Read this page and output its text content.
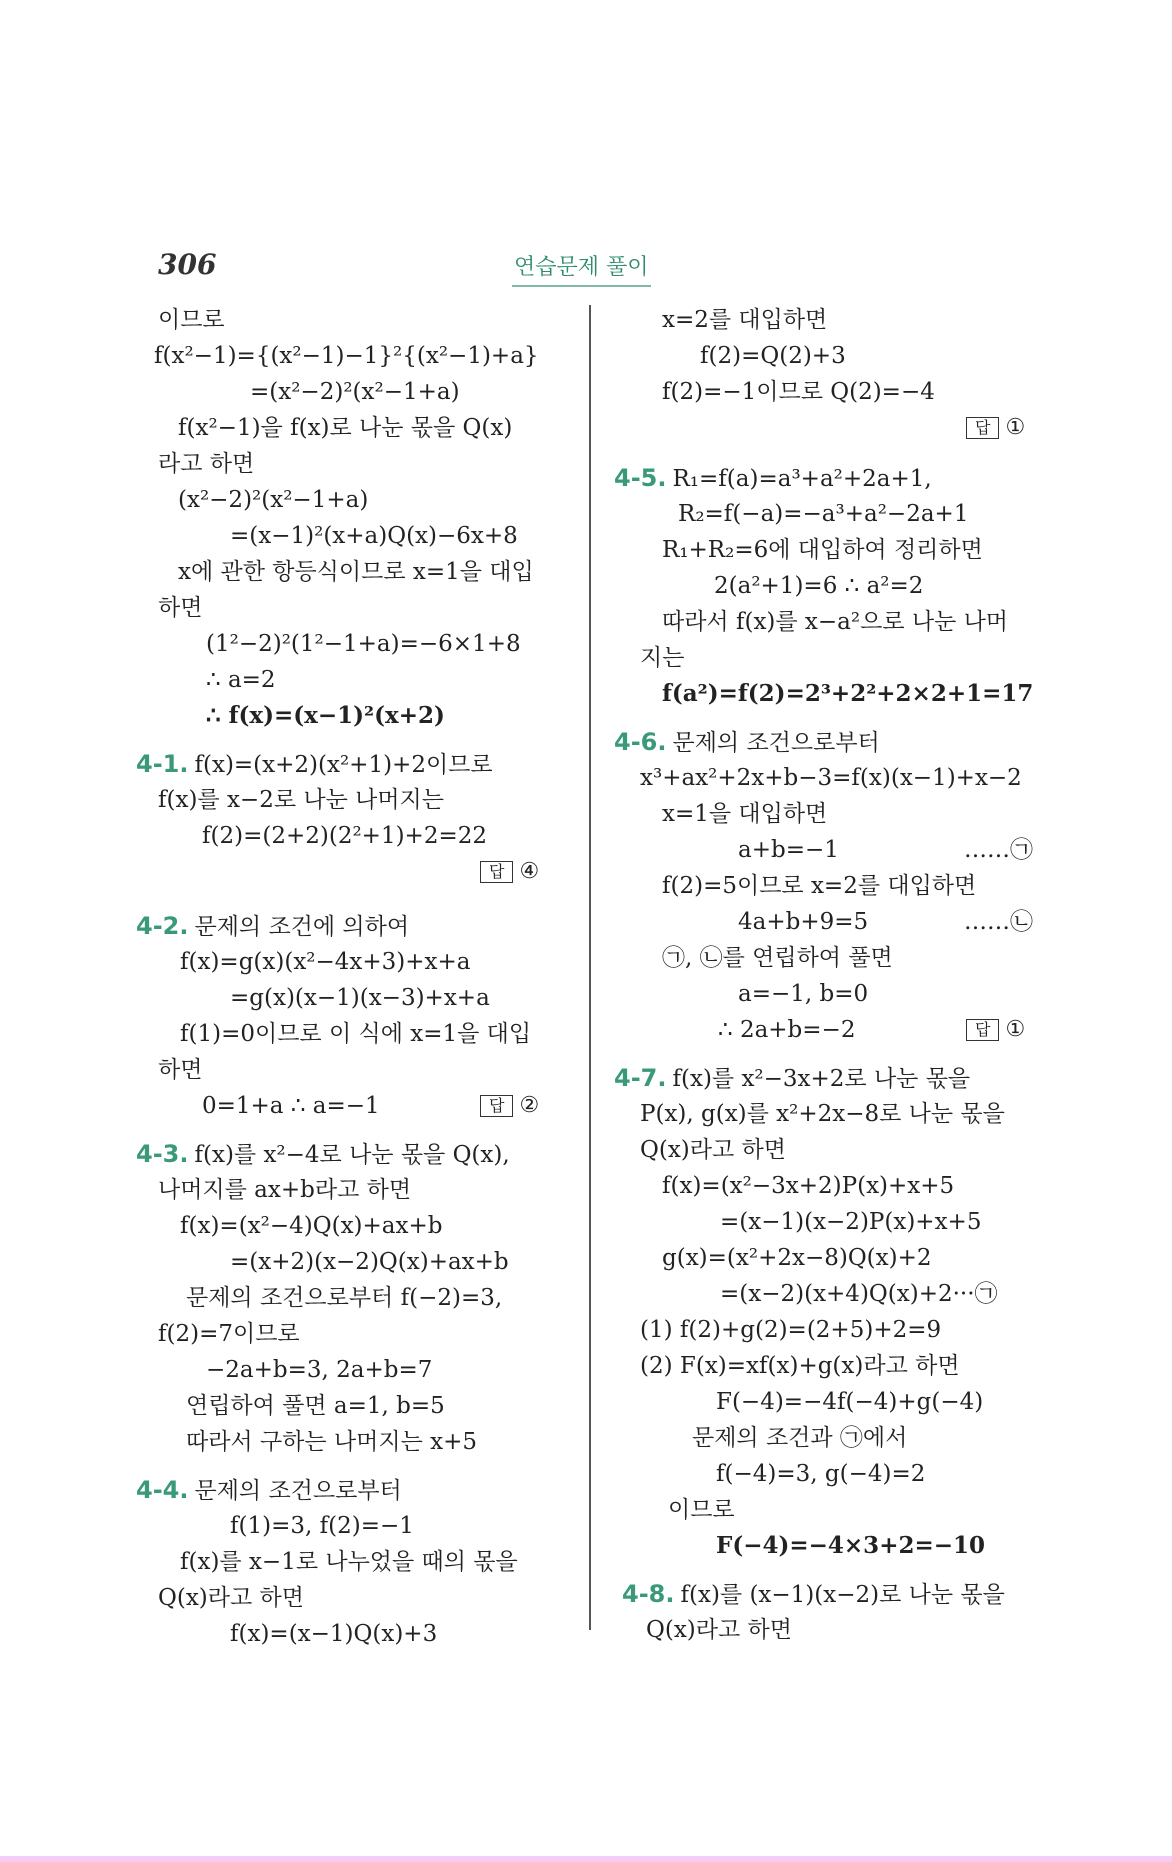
306	연습문제 풀이
이므로
f(x²−1)={(x²−1)−1}²{(x²−1)+a}
=(x²−2)²(x²−1+a)
f(x²−1)을 f(x)로 나눈 몫을 Q(x)
라고 하면
(x²−2)²(x²−1+a)
=(x−1)²(x+a)Q(x)−6x+8
x에 관한 항등식이므로 x=1을 대입
하면
(1²−2)²(1²−1+a)=−6×1+8
∴ a=2
∴ f(x)=(x−1)²(x+2)
4-1. f(x)=(x+2)(x²+1)+2이므로
f(x)를 x−2로 나눈 나머지는
f(2)=(2+2)(2²+1)+2=22
답 ④
4-2. 문제의 조건에 의하여
f(x)=g(x)(x²−4x+3)+x+a
=g(x)(x−1)(x−3)+x+a
f(1)=0이므로 이 식에 x=1을 대입
하면
0=1+a ∴ a=−1	답 ②
4-3. f(x)를 x²−4로 나눈 몫을 Q(x),
나머지를 ax+b라고 하면
f(x)=(x²−4)Q(x)+ax+b
=(x+2)(x−2)Q(x)+ax+b
문제의 조건으로부터 f(−2)=3,
f(2)=7이므로
−2a+b=3, 2a+b=7
연립하여 풀면 a=1, b=5
따라서 구하는 나머지는 x+5
4-4. 문제의 조건으로부터
f(1)=3, f(2)=−1
f(x)를 x−1로 나누었을 때의 몫을
Q(x)라고 하면
f(x)=(x−1)Q(x)+3
x=2를 대입하면
f(2)=Q(2)+3
f(2)=−1이므로 Q(2)=−4
답 ①
4-5. R₁=f(a)=a³+a²+2a+1,
R₂=f(−a)=−a³+a²−2a+1
R₁+R₂=6에 대입하여 정리하면
2(a²+1)=6 ∴ a²=2
따라서 f(x)를 x−a²으로 나눈 나머
지는
f(a²)=f(2)=2³+2²+2×2+1=17
4-6. 문제의 조건으로부터
x³+ax²+2x+b−3=f(x)(x−1)+x−2
x=1을 대입하면
a+b=−1	……㉠
f(2)=5이므로 x=2를 대입하면
4a+b+9=5	……㉡
㉠, ㉡를 연립하여 풀면
a=−1, b=0
∴ 2a+b=−2	답 ①
4-7. f(x)를 x²−3x+2로 나눈 몫을
P(x), g(x)를 x²+2x−8로 나눈 몫을
Q(x)라고 하면
f(x)=(x²−3x+2)P(x)+x+5
=(x−1)(x−2)P(x)+x+5
g(x)=(x²+2x−8)Q(x)+2
=(x−2)(x+4)Q(x)+2···㉠
(1) f(2)+g(2)=(2+5)+2=9
(2) F(x)=xf(x)+g(x)라고 하면
F(−4)=−4f(−4)+g(−4)
문제의 조건과 ㉠에서
f(−4)=3, g(−4)=2
이므로
F(−4)=−4×3+2=−10
4-8. f(x)를 (x−1)(x−2)로 나눈 몫을
Q(x)라고 하면
